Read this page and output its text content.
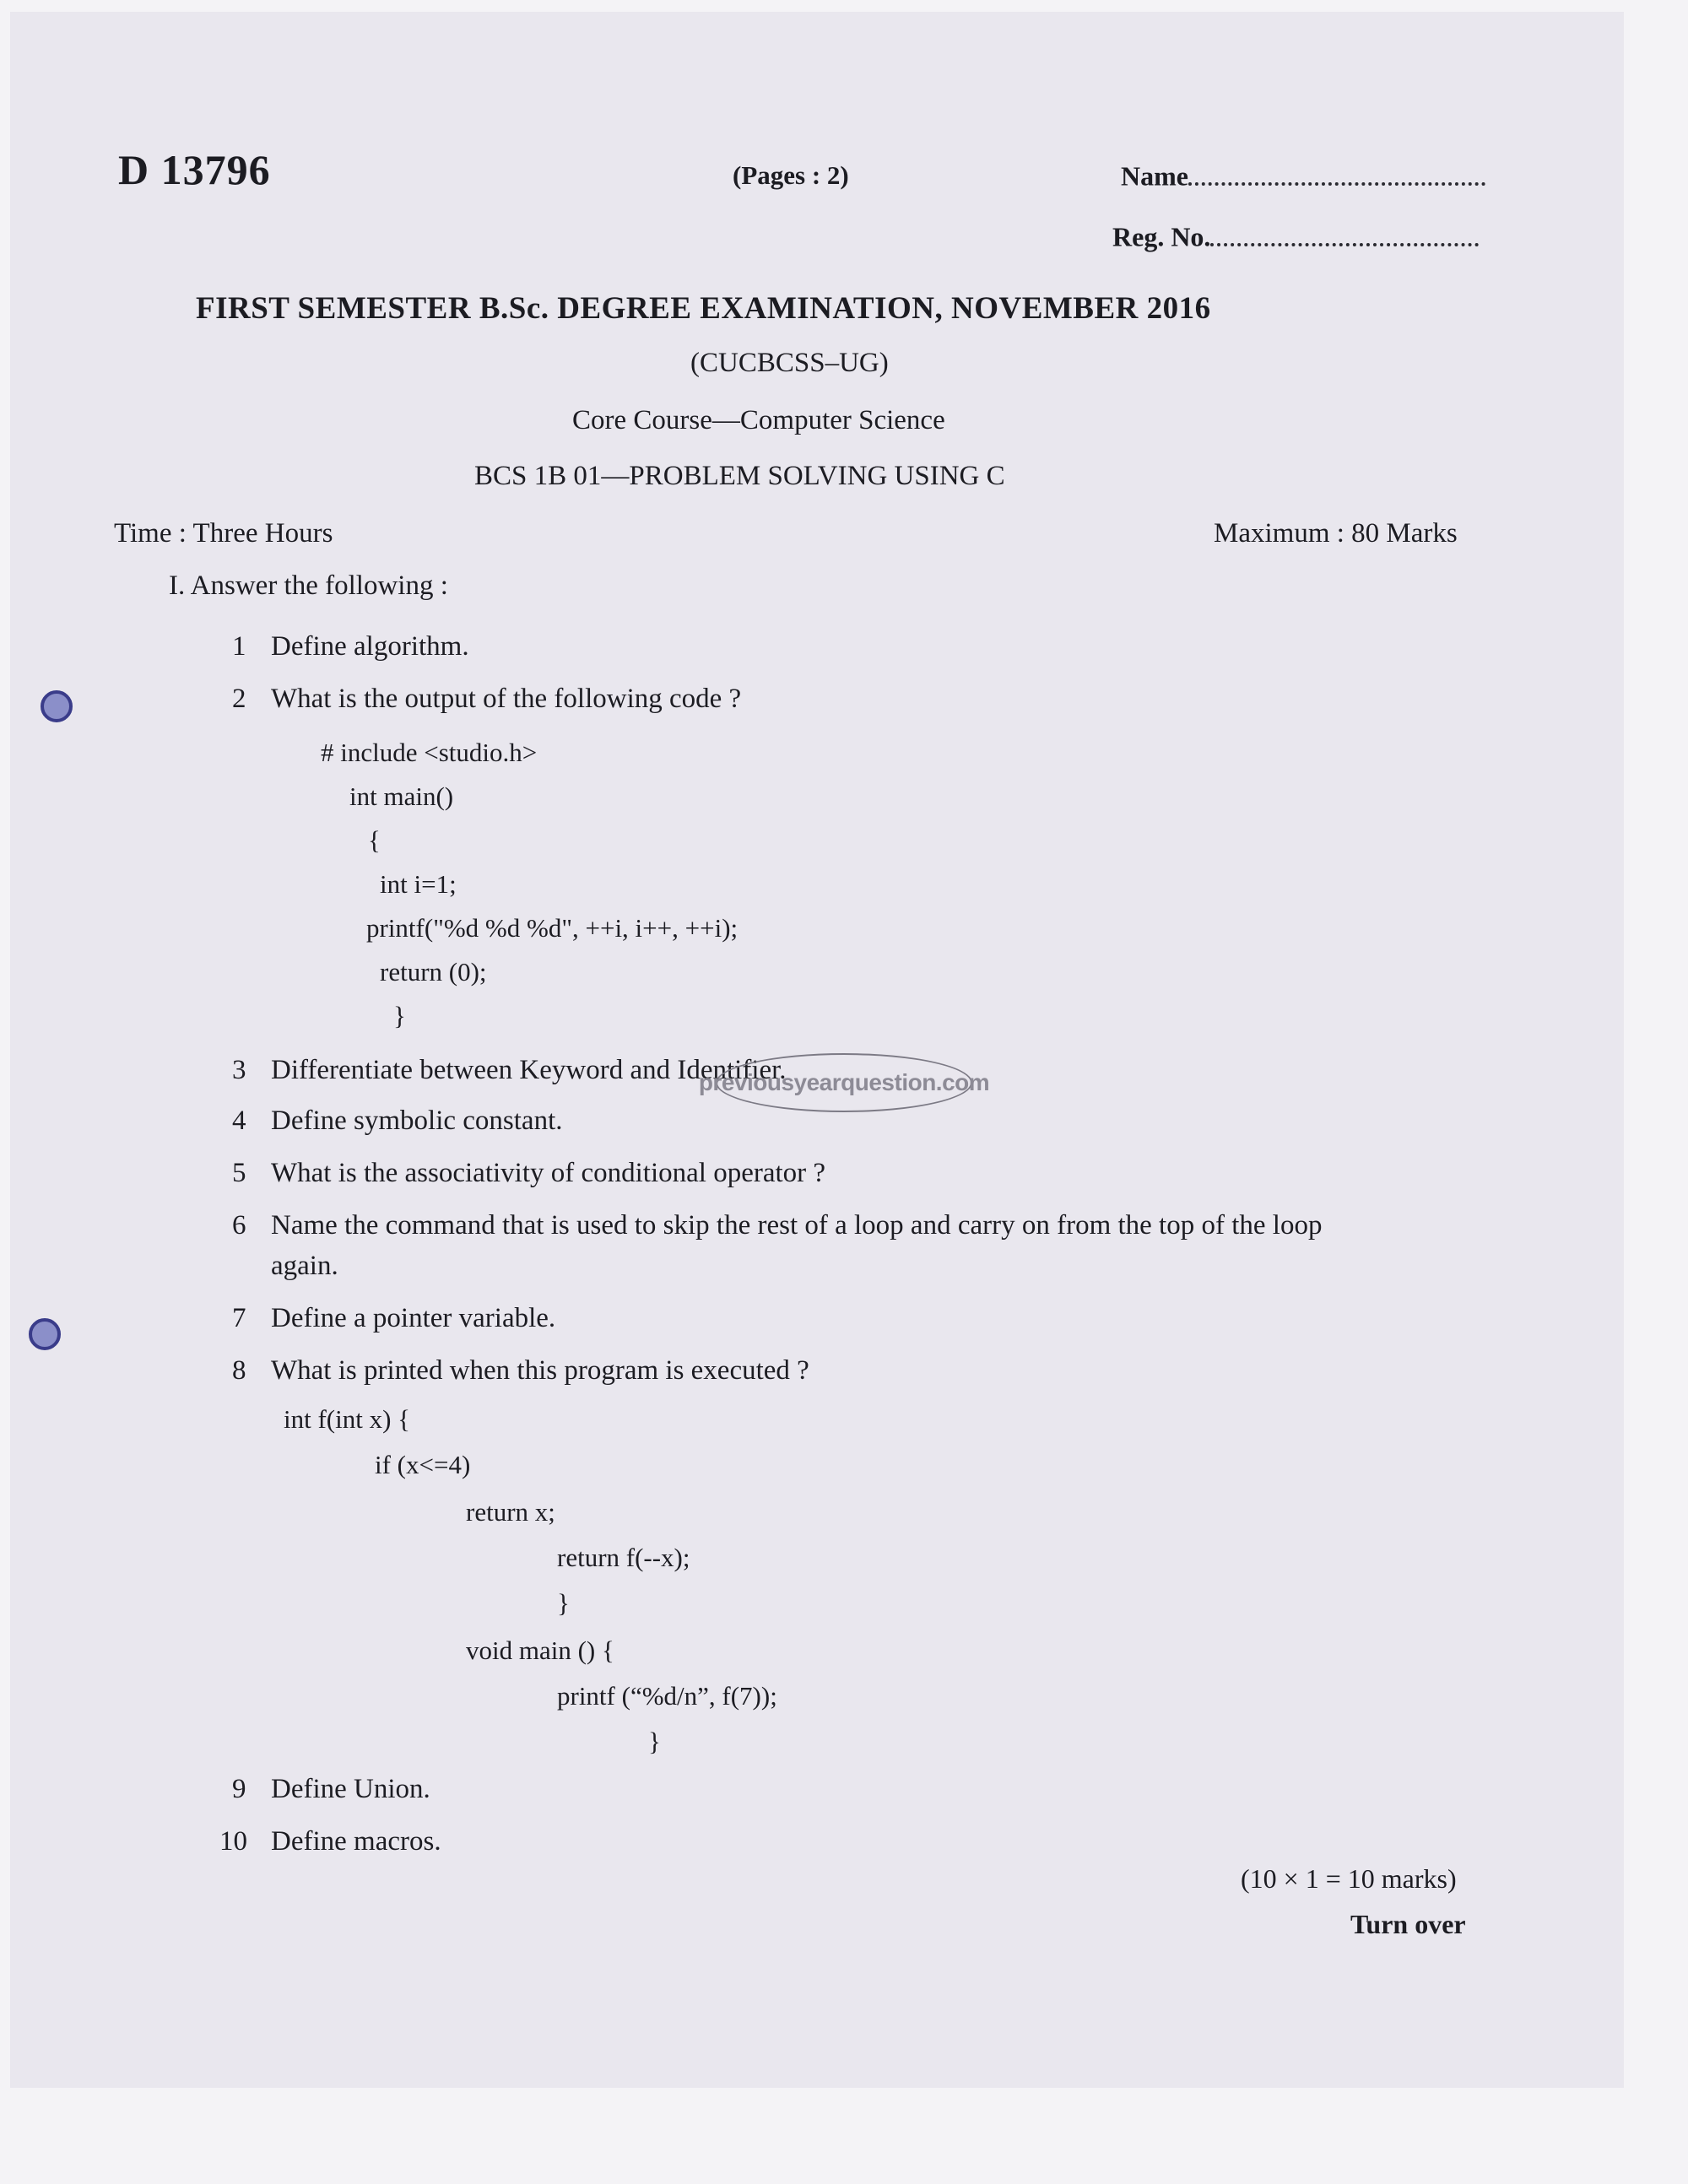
D 13796	(Pages : 2)	Name
Reg. No.
FIRST SEMESTER B.Sc. DEGREE EXAMINATION, NOVEMBER 2016
(CUCBCSS–UG)
Core Course—Computer Science
BCS 1B 01—PROBLEM SOLVING USING C
Time : Three Hours	Maximum : 80 Marks
I. Answer the following :
1 Define algorithm.
2 What is the output of the following code ?
# include <studio.h>
int main()
{
int i=1;
printf("%d %d %d", ++i, i++, ++i);
return (0);
}
3 Differentiate between Keyword and Identifier.
previousyearquestion.com
4 Define symbolic constant.
5 What is the associativity of conditional operator ?
6 Name the command that is used to skip the rest of a loop and carry on from the top of the loop
again.
7 Define a pointer variable.
8 What is printed when this program is executed ?
int f(int x) {
if (x<=4)
return x;
return f(--x);
}
void main () {
printf (“%d/n”, f(7));
}
9 Define Union.
10 Define macros.
(10 × 1 = 10 marks)
Turn over
